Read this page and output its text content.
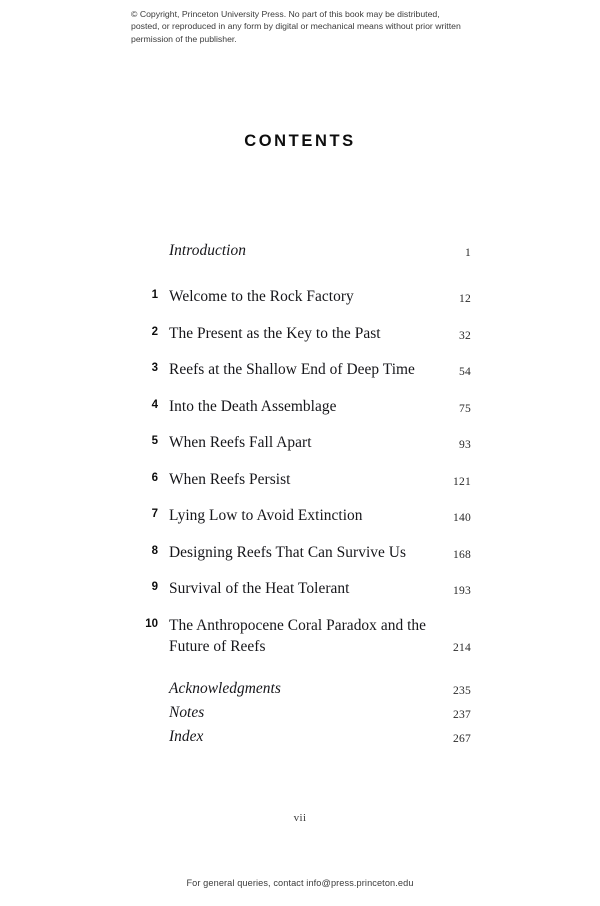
© Copyright, Princeton University Press. No part of this book may be distributed, posted, or reproduced in any form by digital or mechanical means without prior written permission of the publisher.
CONTENTS
Introduction	1
1 Welcome to the Rock Factory	12
2 The Present as the Key to the Past	32
3 Reefs at the Shallow End of Deep Time	54
4 Into the Death Assemblage	75
5 When Reefs Fall Apart	93
6 When Reefs Persist	121
7 Lying Low to Avoid Extinction	140
8 Designing Reefs That Can Survive Us	168
9 Survival of the Heat Tolerant	193
10 The Anthropocene Coral Paradox and the Future of Reefs	214
Acknowledgments	235
Notes	237
Index	267
vii
For general queries, contact info@press.princeton.edu
